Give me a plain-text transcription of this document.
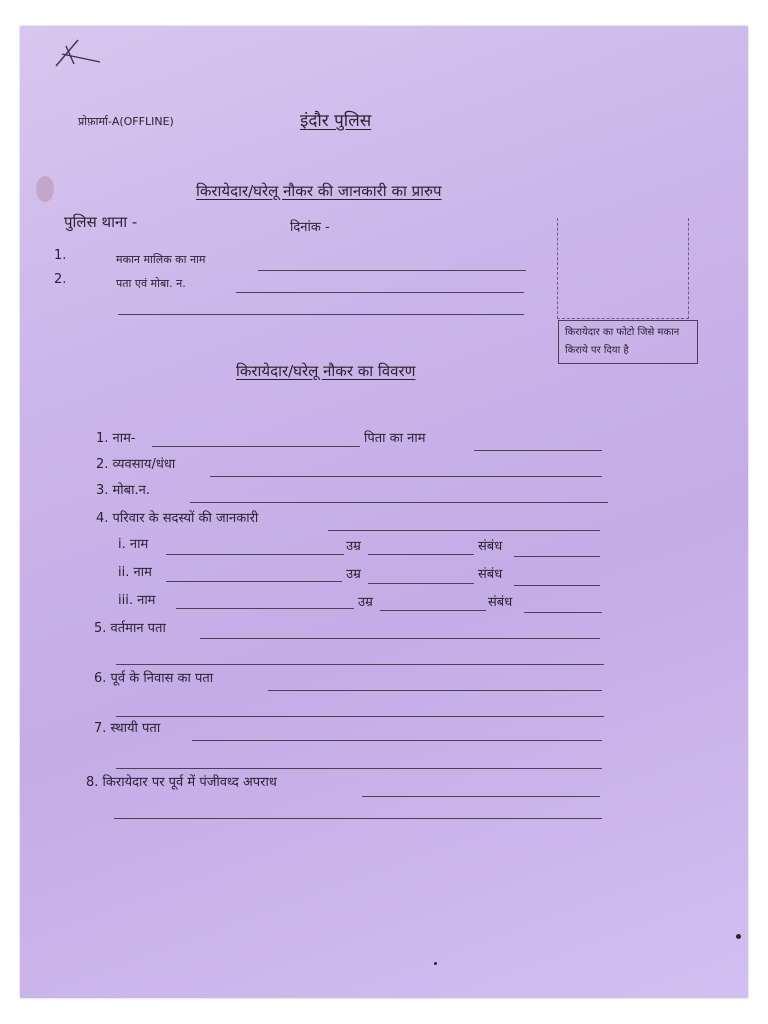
प्रोफ़ार्मा-A(OFFLINE)	इंदौर पुलिस
किरायेदार/घरेलू नौकर की जानकारी का प्रारुप
पुलिस थाना -	दिनांक -
1.	मकान मालिक का नाम
2.	पता एवं मोबा. न.
किरायेदार का फोटो जिसे मकान किराये पर दिया है
किरायेदार/घरेलू नौकर का विवरण
1. नाम-	पिता का नाम
2. व्यवसाय/धंधा
3. मोबा.न.
4. परिवार के सदस्यों की जानकारी
i. नाम	उम्र	संबंध
ii. नाम	उम्र	संबंध
iii. नाम	उम्र	संबंध
5. वर्तमान पता
6. पूर्व के निवास का पता
7. स्थायी पता
8. किरायेदार पर पूर्व में पंजीवध्द अपराध
